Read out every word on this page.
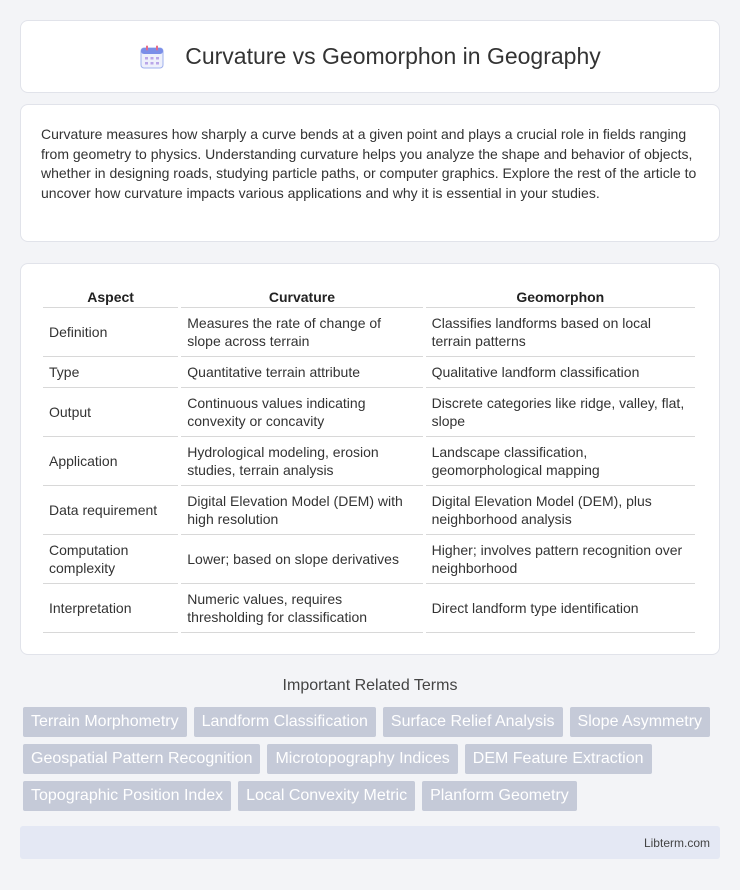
Curvature vs Geomorphon in Geography

Curvature measures how sharply a curve bends at a given point and plays a crucial role in fields ranging from geometry to physics. Understanding curvature helps you analyze the shape and behavior of objects, whether in designing roads, studying particle paths, or computer graphics. Explore the rest of the article to uncover how curvature impacts various applications and why it is essential in your studies.

Aspect	Curvature	Geomorphon
Definition	Measures the rate of change of slope across terrain	Classifies landforms based on local terrain patterns
Type	Quantitative terrain attribute	Qualitative landform classification
Output	Continuous values indicating convexity or concavity	Discrete categories like ridge, valley, flat, slope
Application	Hydrological modeling, erosion studies, terrain analysis	Landscape classification, geomorphological mapping
Data requirement	Digital Elevation Model (DEM) with high resolution	Digital Elevation Model (DEM), plus neighborhood analysis
Computation complexity	Lower; based on slope derivatives	Higher; involves pattern recognition over neighborhood
Interpretation	Numeric values, requires thresholding for classification	Direct landform type identification
Important Related Terms
Terrain Morphometry	Landform Classification	Surface Relief Analysis	Slope Asymmetry
Geospatial Pattern Recognition	Microtopography Indices	DEM Feature Extraction
Topographic Position Index	Local Convexity Metric	Planform Geometry
Libterm.com
